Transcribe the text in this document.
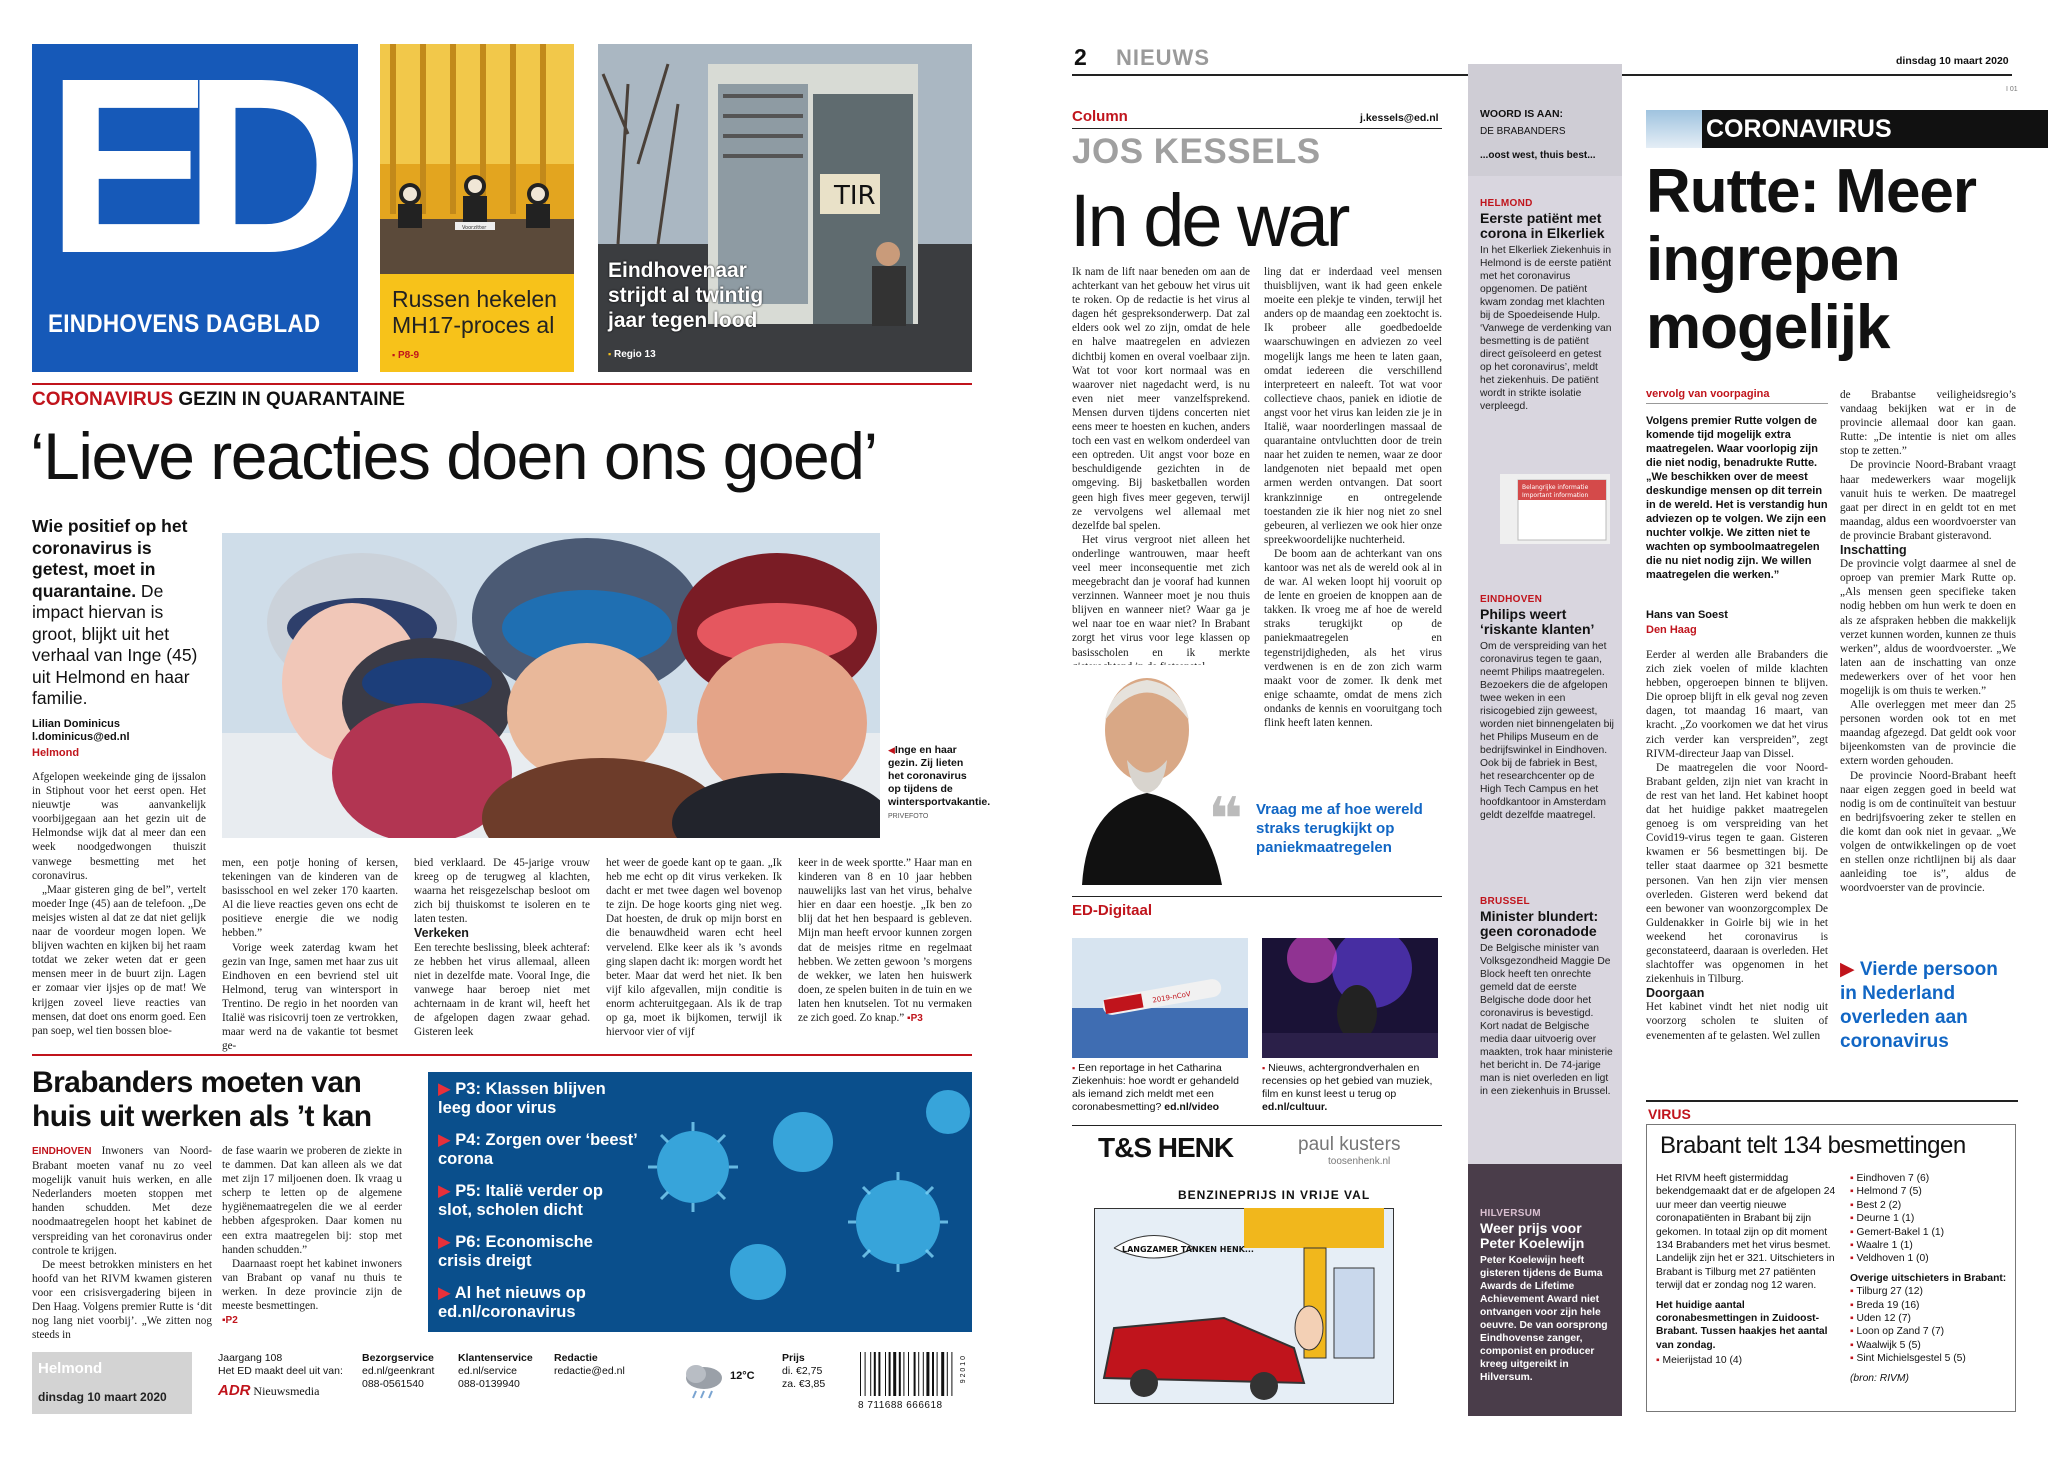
ED
EINDHOVENS DAGBLAD
Voorzitter
Russen hekelen MH17-proces al
▪ P8-9
TIR
Eindhovenaar strijdt al twintig jaar tegen lood
▪ Regio 13
CORONAVIRUS GEZIN IN QUARANTAINE
‘Lieve reacties doen ons goed’
Wie positief op het coronavirus is getest, moet in quarantaine. De impact hiervan is groot, blijkt uit het verhaal van Inge (45) uit Helmond en haar familie.
Lilian Dominicus
l.dominicus@ed.nl
Helmond

Afgelopen weekeinde ging de ijssalon in Stiphout voor het eerst open. Het nieuwtje was aanvankelijk voorbijgegaan aan het gezin uit de Helmondse wijk dat al meer dan een week noodgedwongen thuiszit vanwege besmetting met het coronavirus.

„Maar gisteren ging de bel”, vertelt moeder Inge (45) aan de telefoon. „De meisjes wisten al dat ze dat niet gelijk naar de voordeur mogen lopen. We blijven wachten en kijken bij het raam totdat we zeker weten dat er geen mensen meer in de buurt zijn. Lagen er zomaar vier ijsjes op de mat! We krijgen zoveel lieve reacties van mensen, dat doet ons enorm goed. Een pan soep, wel tien bossen bloe-

◀Inge en haar gezin. Zij lieten het coronavirus op tijdens de wintersportvakantie. PRIVEFOTO

men, een potje honing of kersen, tekeningen van de kinderen van de basisschool en wel zeker 170 kaarten. Al die lieve reacties geven ons echt de positieve energie die we nodig hebben.”

Vorige week zaterdag kwam het gezin van Inge, samen met haar zus uit Eindhoven en een bevriend stel uit Helmond, terug van wintersport in Trentino. De regio in het noorden van Italië was risicovrij toen ze vertrokken, maar werd na de vakantie tot besmet ge-

bied verklaard. De 45-jarige vrouw kreeg op de terugweg al klachten, waarna het reisgezelschap besloot om zich bij thuiskomst te isoleren en te laten testen.

Verkeken

Een terechte beslissing, bleek achteraf: ze hebben het virus allemaal, alleen niet in dezelfde mate. Vooral Inge, die vanwege haar beroep niet met achternaam in de krant wil, heeft het de afgelopen dagen zwaar gehad. Gisteren leek

het weer de goede kant op te gaan. „Ik heb me echt op dit virus verkeken. Ik dacht er met twee dagen wel bovenop te zijn. De hoge koorts ging niet weg. Dat hoesten, de druk op mijn borst en die benauwdheid waren echt heel vervelend. Elke keer als ik ’s avonds ging slapen dacht ik: morgen wordt het beter. Maar dat werd het niet. Ik ben vijf kilo afgevallen, mijn conditie is enorm achteruitgegaan. Als ik de trap op ga, moet ik bijkomen, terwijl ik hiervoor vier of vijf

keer in de week sportte.” Haar man en kinderen van 8 en 10 jaar hebben nauwelijks last van het virus, behalve hier en daar een hoestje. „Ik ben zo blij dat het hen bespaard is gebleven. Mijn man heeft ervoor kunnen zorgen dat de meisjes ritme en regelmaat hebben. We zetten gewoon ’s morgens de wekker, we laten hen huiswerk doen, ze spelen buiten in de tuin en we laten hen knutselen. Tot nu vermaken ze zich goed. Zo knap.” ▪P3
Brabanders moeten van huis uit werken als ’t kan

EINDHOVEN Inwoners van Noord-Brabant moeten vanaf nu zo veel mogelijk vanuit huis werken, en alle Nederlanders moeten stoppen met handen schudden. Met deze noodmaatregelen hoopt het kabinet de verspreiding van het coronavirus onder controle te krijgen.

De meest betrokken ministers en het hoofd van het RIVM kwamen gisteren voor een crisisvergadering bijeen in Den Haag. Volgens premier Rutte is ‘dit nog lang niet voorbij’. „We zitten nog steeds in

de fase waarin we proberen de ziekte in te dammen. Dat kan alleen als we dat met zijn 17 miljoenen doen. Ik vraag u scherp te letten op de algemene hygiënemaatregelen die we al eerder hebben afgesproken. Daar komen nu een extra maatregelen bij: stop met handen schudden.”

Daarnaast roept het kabinet inwoners van Brabant op vanaf nu thuis te werken. In deze provincie zijn de meeste besmettingen.

▪P2

▶ P3: Klassen blijven leeg door virus
▶ P4: Zorgen over ‘beest’ corona
▶ P5: Italië verder op slot, scholen dicht
▶ P6: Economische crisis dreigt
▶ Al het nieuws op ed.nl/coronavirus
Helmond
dinsdag 10 maart 2020
Jaargang 108
Het ED maakt deel uit van:
ADR Nieuwsmedia
Bezorgservice
ed.nl/geenkrant
088-0561540
Klantenservice
ed.nl/service
088-0139940
Redactie
redactie@ed.nl	12°C
Prijs
di. €2,75
za. €3,85
8 711688 666618
9 2 0 1 0
2 NIEUWS	dinsdag 10 maart 2020
I 01
Column	j.kessels@ed.nl
JOS KESSELS
In de war

Ik nam de lift naar beneden om aan de achterkant van het gebouw het virus uit te roken. Op de redactie is het virus al dagen hét gespreksonderwerp. Dat zal elders ook wel zo zijn, omdat de hele en halve maatregelen en adviezen dichtbij komen en overal voelbaar zijn. Wat tot voor kort normaal was en waarover niet nagedacht werd, is nu even niet meer vanzelfsprekend. Mensen durven tijdens concerten niet eens meer te hoesten en kuchen, anders toch een vast en welkom onderdeel van een optreden. Uit angst voor boze en beschuldigende gezichten in de omgeving. Bij basketballen worden geen high fives meer gegeven, terwijl ze vervolgens wel allemaal met dezelfde bal spelen.

Het virus vergroot niet alleen het onderlinge wantrouwen, maar heeft veel meer inconsequentie met zich meegebracht dan je vooraf had kunnen verzinnen. Wanneer moet je nou thuis blijven en wanneer niet? Waar ga je wel naar toe en waar niet? In Brabant zorgt het virus voor lege klassen op basisscholen en ik merkte

ling dat er inderdaad veel mensen thuisblijven, want ik had geen enkele moeite een plekje te vinden, terwijl het anders op de maandag een zoektocht is. Ik probeer alle goedbedoelde waarschuwingen en adviezen zo veel mogelijk langs me heen te laten gaan, omdat iedereen die verschillend interpreteert en naleeft. Tot wat voor collectieve chaos, paniek en idiotie de angst voor het virus kan leiden zie je in Italië, waar noorderlingen massaal de quarantaine ontvluchtten door de trein naar het zuiden te nemen, waar ze door landgenoten niet bepaald met open armen werden ontvangen. Dat soort krankzinnige en ontregelende toestanden zie ik hier nog niet zo snel gebeuren, al verliezen we ook hier onze spreekwoordelijke nuchterheid.

De boom aan de achterkant van ons kantoor was net als de wereld ook al in de war. Al weken loopt hij vooruit op de lente en groeien de knoppen aan de takken. Ik vroeg me af hoe de wereld straks terugkijkt op de paniekmaatregelen en tegenstrijdigheden, als het virus verdwenen is en de zon zich warm maakt voor de zomer. Ik denk met enige schaamte, omdat de mens zich ondanks de kennis en vooruitgang toch flink heeft laten kennen.

❝ Vraag me af hoe wereld straks terugkijkt op paniekmaatregelen
ED-Digitaal
2019-nCoV
▪ Een reportage in het Catharina Ziekenhuis: hoe wordt er gehandeld als iemand zich meldt met een coronabesmetting? ed.nl/video
▪ Nieuws, achtergrondverhalen en recensies op het gebied van muziek, film en kunst leest u terug op ed.nl/cultuur.
T&S HENK	paul kusters
toosenhenk.nl
BENZINEPRIJS IN VRIJE VAL
LANGZAMER TANKEN HENK...
WOORD IS AAN:
DE BRABANDERS
...oost west, thuis best...
HELMOND
Eerste patiënt met corona in Elkerliek
In het Elkerliek Ziekenhuis in Helmond is de eerste patiënt met het coronavirus opgenomen. De patiënt kwam zondag met klachten bij de Spoedeisende Hulp. ‘Vanwege de verdenking van besmetting is de patiënt direct geïsoleerd en getest op het coronavirus’, meldt het ziekenhuis. De patiënt wordt in strikte isolatie verpleegd.
Belangrijke informatie
Important information
EINDHOVEN
Philips weert ‘riskante klanten’
Om de verspreiding van het coronavirus tegen te gaan, neemt Philips maatregelen. Bezoekers die de afgelopen twee weken in een risicogebied zijn geweest, worden niet binnengelaten bij het Philips Museum en de bedrijfswinkel in Eindhoven. Ook bij de fabriek in Best, het researchcenter op de High Tech Campus en het hoofdkantoor in Amsterdam geldt dezelfde maatregel.
BRUSSEL
Minister blundert: geen coronadode
De Belgische minister van Volksgezondheid Maggie De Block heeft ten onrechte gemeld dat de eerste Belgische dode door het coronavirus is bevestigd. Kort nadat de Belgische media daar uitvoerig over maakten, trok haar ministerie het bericht in. De 74-jarige man is niet overleden en ligt in een ziekenhuis in Brussel.
HILVERSUM
Weer prijs voor Peter Koelewijn
Peter Koelewijn heeft gisteren tijdens de Buma Awards de Lifetime Achievement Award niet ontvangen voor zijn hele oeuvre. De van oorsprong Eindhovense zanger, componist en producer kreeg uitgereikt in Hilversum.
CORONAVIRUS
Rutte: Meer ingrepen mogelijk
vervolg van voorpagina
Volgens premier Rutte volgen de komende tijd mogelijk extra maatregelen. Waar voorlopig zijn die niet nodig, benadrukte Rutte. „We beschikken over de meest deskundige mensen op dit terrein in de wereld. Het is verstandig hun adviezen op te volgen. We zijn een nuchter volkje. We zitten niet te wachten op symboolmaatregelen die nu niet nodig zijn. We willen maatregelen die werken.”
Hans van Soest
Den Haag

Eerder al werden alle Brabanders die zich ziek voelen of milde klachten hebben, opgeroepen binnen te blijven. Die oproep blijft in elk geval nog zeven dagen, tot maandag 16 maart, van kracht. „Zo voorkomen we dat het virus zich verder kan verspreiden”, zegt RIVM-directeur Jaap van Dissel.

De maatregelen die voor Noord-Brabant gelden, zijn niet van kracht in de rest van het land. Het kabinet hoopt dat het huidige pakket maatregelen genoeg is om verspreiding van het Covid19-virus tegen te gaan. Gisteren kwamen er 56 besmettingen bij. De teller staat daarmee op 321 besmette personen. Van hen zijn vier mensen overleden. Gisteren werd bekend dat een bewoner van woonzorgcomplex De Guldenakker in Goirle bij wie in het weekend het coronavirus is geconstateerd, daaraan is overleden. Het slachtoffer was opgenomen in het ziekenhuis in Tilburg.

Doorgaan

Het kabinet vindt het niet nodig uit voorzorg scholen te sluiten of evenementen af te gelasten. Wel zullen

de Brabantse veiligheidsregio’s vandaag bekijken wat er in de provincie allemaal door kan gaan. Rutte: „De intentie is niet om alles stop te zetten.”

De provincie Noord-Brabant vraagt haar medewerkers waar mogelijk vanuit huis te werken. De maatregel gaat per direct in en geldt tot en met maandag, aldus een woordvoerster van de provincie Brabant gisteravond.

Inschatting

De provincie volgt daarmee al snel de oproep van premier Mark Rutte op. „Als mensen geen specifieke taken nodig hebben om hun werk te doen en als ze afspraken hebben die makkelijk verzet kunnen worden, kunnen ze thuis werken”, aldus de woordvoerster. „We laten aan de inschatting van onze medewerkers over of het voor hen mogelijk is om thuis te werken.”

Alle overleggen met meer dan 25 personen worden ook tot en met maandag afgezegd. Dat geldt ook voor bijeenkomsten van de provincie die extern worden gehouden.

De provincie Noord-Brabant heeft naar eigen zeggen goed in beeld wat nodig is om de continuïteit van bestuur en bedrijfsvoering zeker te stellen en die komt dan ook niet in gevaar. „We volgen de ontwikkelingen op de voet en stellen onze richtlijnen bij als daar aanleiding toe is”, aldus de woordvoerster van de provincie.

▶ Vierde persoon in Nederland overleden aan coronavirus
VIRUS
Brabant telt 134 besmettingen
Het RIVM heeft gistermiddag bekendgemaakt dat er de afgelopen 24 uur meer dan veertig nieuwe coronapatiënten in Brabant bij zijn gekomen. In totaal zijn op dit moment 134 Brabanders met het virus besmet. Landelijk zijn het er 321. Uitschieters in Brabant is Tilburg met 27 patiënten terwijl dat er zondag nog 12 waren.
Het huidige aantal coronabesmettingen in Zuidoost-Brabant. Tussen haakjes het aantal van zondag.
▪ Meierijstad 10 (4)
▪ Eindhoven 7 (6)
▪ Helmond 7 (5)
▪ Best 2 (2)
▪ Deurne 1 (1)
▪ Gemert-Bakel 1 (1)
▪ Waalre 1 (1)
▪ Veldhoven 1 (0)
Overige uitschieters in Brabant:
▪ Tilburg 27 (12)
▪ Breda 19 (16)
▪ Uden 12 (7)
▪ Loon op Zand 7 (7)
▪ Waalwijk 5 (5)
▪ Sint Michielsgestel 5 (5)
(bron: RIVM)
